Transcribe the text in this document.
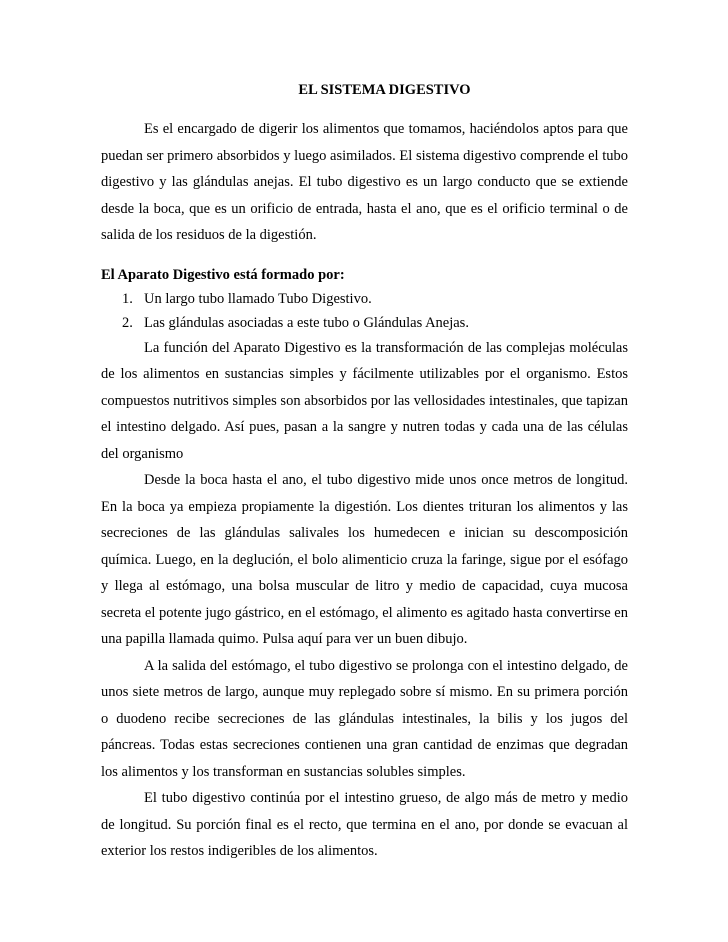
EL SISTEMA DIGESTIVO

Es el encargado de digerir los alimentos que tomamos, haciéndolos aptos para que puedan ser primero absorbidos y luego asimilados. El sistema digestivo comprende el tubo digestivo y las glándulas anejas. El tubo digestivo es un largo conducto que se extiende desde la boca, que es un orificio de entrada, hasta el ano, que es el orificio terminal o de salida de los residuos de la digestión.

El Aparato Digestivo está formado por:

1. Un largo tubo llamado Tubo Digestivo.
2. Las glándulas asociadas a este tubo o Glándulas Anejas.

La función del Aparato Digestivo es la transformación de las complejas moléculas de los alimentos en sustancias simples y fácilmente utilizables por el organismo. Estos compuestos nutritivos simples son absorbidos por las vellosidades intestinales, que tapizan el intestino delgado. Así pues, pasan a la sangre y nutren todas y cada una de las células del organismo

Desde la boca hasta el ano, el tubo digestivo mide unos once metros de longitud. En la boca ya empieza propiamente la digestión. Los dientes trituran los alimentos y las secreciones de las glándulas salivales los humedecen e inician su descomposición química. Luego, en la deglución, el bolo alimenticio cruza la faringe, sigue por el esófago y llega al estómago, una bolsa muscular de litro y medio de capacidad, cuya mucosa secreta el potente jugo gástrico, en el estómago, el alimento es agitado hasta convertirse en una papilla llamada quimo. Pulsa aquí para ver un buen dibujo.

A la salida del estómago, el tubo digestivo se prolonga con el intestino delgado, de unos siete metros de largo, aunque muy replegado sobre sí mismo. En su primera porción o duodeno recibe secreciones de las glándulas intestinales, la bilis y los jugos del páncreas. Todas estas secreciones contienen una gran cantidad de enzimas que degradan los alimentos y los transforman en sustancias solubles simples.

El tubo digestivo continúa por el intestino grueso, de algo más de metro y medio de longitud. Su porción final es el recto, que termina en el ano, por donde se evacuan al exterior los restos indigeribles de los alimentos.
